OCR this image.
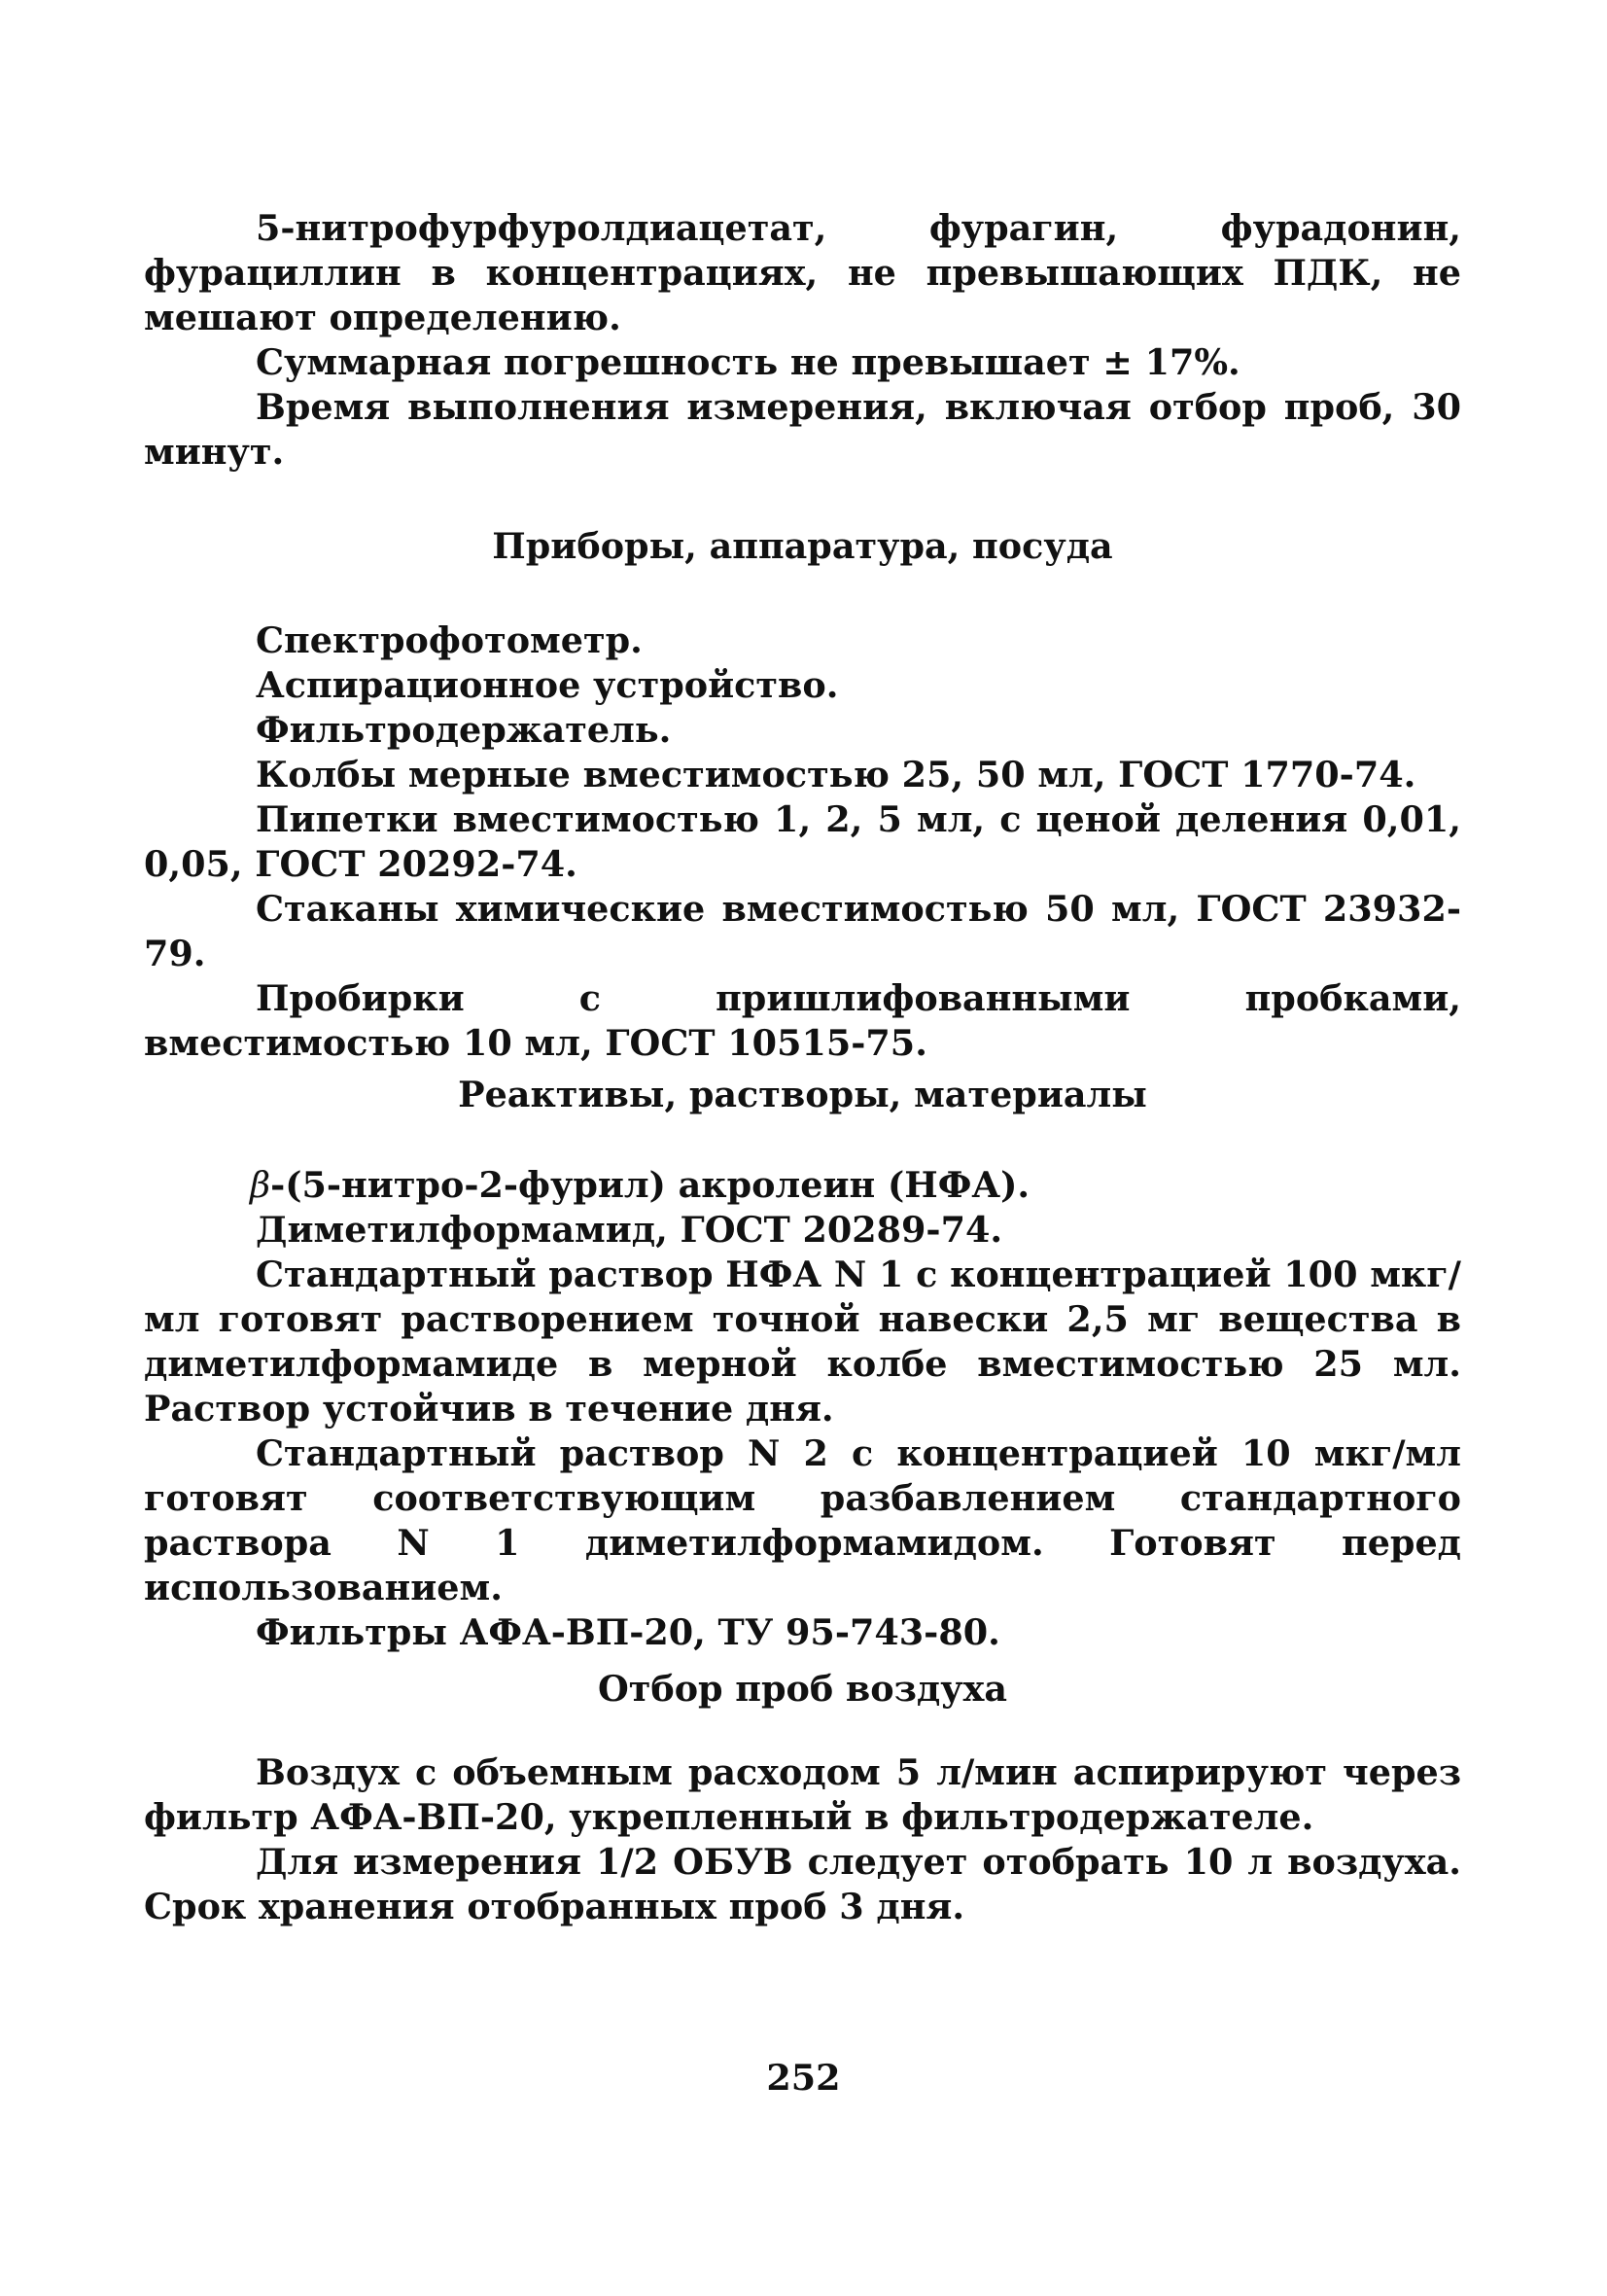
5-нитрофурфуролдиацетат, фурагин, фурадонин, фурациллин в концентрациях, не превышающих ПДК, не мешают определению.

Суммарная погрешность не превышает ± 17%.

Время выполнения измерения, включая отбор проб, 30 минут.

Приборы, аппаратура, посуда

Спектрофотометр.

Аспирационное устройство.

Фильтродержатель.

Колбы мерные вместимостью 25, 50 мл, ГОСТ 1770-74.

Пипетки вместимостью 1, 2, 5 мл, с ценой деления 0,01, 0,05, ГОСТ 20292-74.

Стаканы химические вместимостью 50 мл, ГОСТ 23932-79.

Пробирки с пришлифованными пробками, вместимостью 10 мл, ГОСТ 10515-75.

Реактивы, растворы, материалы

β-(5-нитро-2-фурил) акролеин (НФА).

Диметилформамид, ГОСТ 20289-74.

Стандартный раствор НФА N 1 с концентрацией 100 мкг/мл готовят растворением точной навески 2,5 мг вещества в диметилформамиде в мерной колбе вместимостью 25 мл. Раствор устойчив в течение дня.

Стандартный раствор N 2 с концентрацией 10 мкг/мл готовят соответствующим разбавлением стандартного раствора N 1 диметилформамидом. Готовят перед использованием.

Фильтры АФА-ВП-20, ТУ 95-743-80.

Отбор проб воздуха

Воздух с объемным расходом 5 л/мин аспирируют через фильтр АФА-ВП-20, укрепленный в фильтродержателе.

Для измерения 1/2 ОБУВ следует отобрать 10 л воздуха. Срок хранения отобранных проб 3 дня.

252
